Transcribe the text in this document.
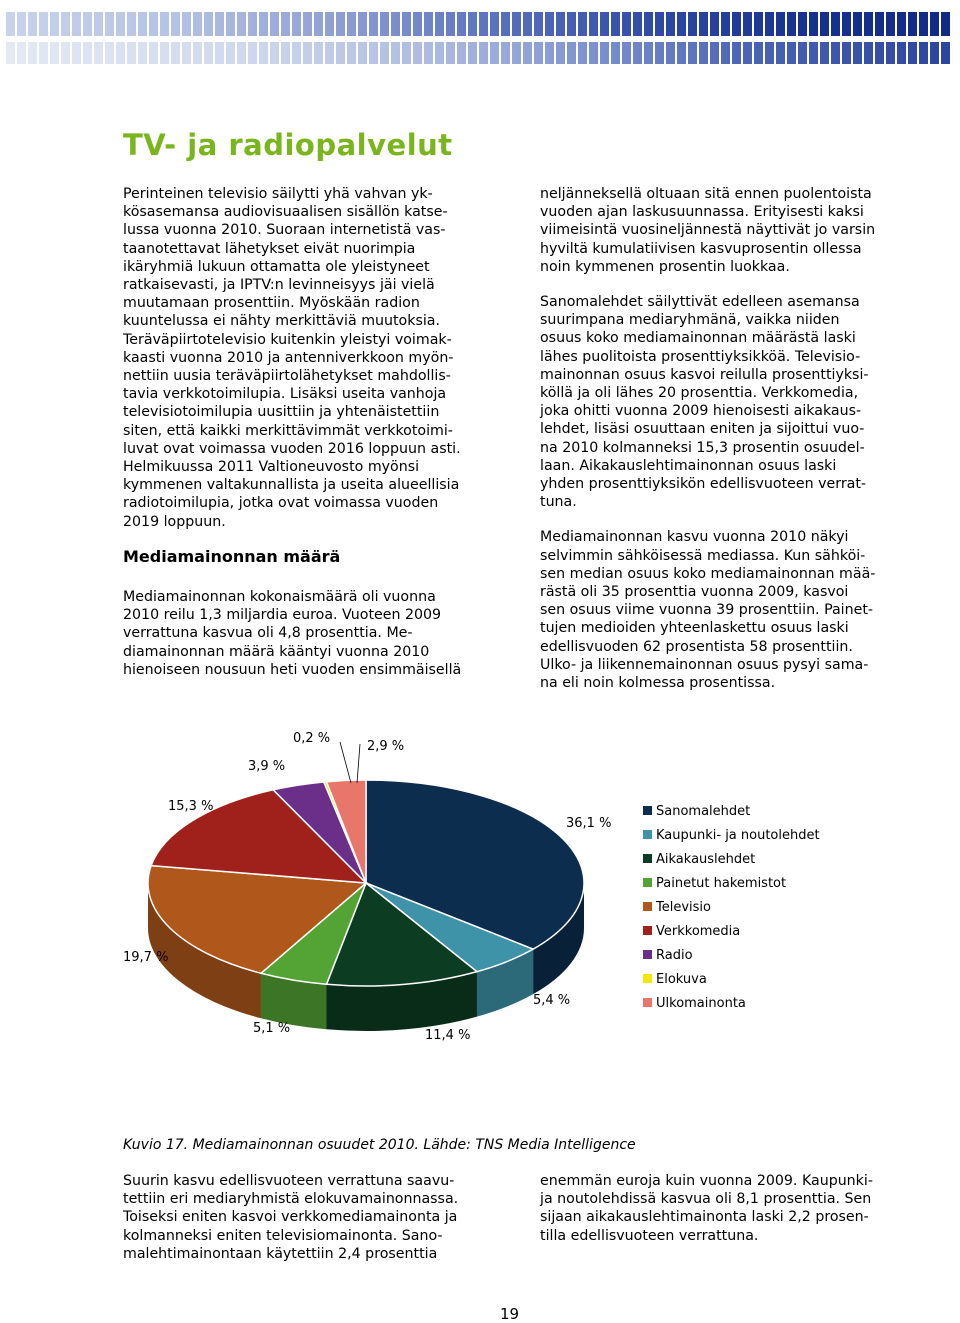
TV- ja radiopalvelut

Perinteinen televisio säilytti yhä vahvan yk-
kösasemansa audiovisuaalisen sisällön katse-
lussa vuonna 2010. Suoraan internetistä vas-
taanotettavat lähetykset eivät nuorimpia
ikäryhmiä lukuun ottamatta ole yleistyneet
ratkaisevasti, ja IPTV:n levinneisyys jäi vielä
muutamaan prosenttiin. Myöskään radion
kuuntelussa ei nähty merkittäviä muutoksia.
Teräväpiirtotelevisio kuitenkin yleistyi voimak-
kaasti vuonna 2010 ja antenniverkkoon myön-
nettiin uusia teräväpiirtolähetykset mahdollis-
tavia verkkotoimilupia. Lisäksi useita vanhoja
televisiotoimilupia uusittiin ja yhtenäistettiin
siten, että kaikki merkittävimmät verkkotoimi-
luvat ovat voimassa vuoden 2016 loppuun asti.
Helmikuussa 2011 Valtioneuvosto myönsi
kymmenen valtakunnallista ja useita alueellisia
radiotoimilupia, jotka ovat voimassa vuoden
2019 loppuun.

Mediamainonnan määrä

Mediamainonnan kokonaismäärä oli vuonna
2010 reilu 1,3 miljardia euroa. Vuoteen 2009
verrattuna kasvua oli 4,8 prosenttia. Me-
diamainonnan määrä kääntyi vuonna 2010
hienoiseen nousuun heti vuoden ensimmäisellä

neljänneksellä oltuaan sitä ennen puolentoista
vuoden ajan laskusuunnassa. Erityisesti kaksi
viimeisintä vuosineljännestä näyttivät jo varsin
hyviltä kumulatiivisen kasvuprosentin ollessa
noin kymmenen prosentin luokkaa.

Sanomalehdet säilyttivät edelleen asemansa
suurimpana mediaryhmänä, vaikka niiden
osuus koko mediamainonnan määrästä laski
lähes puolitoista prosenttiyksikköä. Televisio-
mainonnan osuus kasvoi reilulla prosenttiyksi-
köllä ja oli lähes 20 prosenttia. Verkkomedia,
joka ohitti vuonna 2009 hienoisesti aikakaus-
lehdet, lisäsi osuuttaan eniten ja sijoittui vuo-
na 2010 kolmanneksi 15,3 prosentin osuudel-
laan. Aikakauslehtimainonnan osuus laski
yhden prosenttiyksikön edellisvuoteen verrat-
tuna.

Mediamainonnan kasvu vuonna 2010 näkyi
selvimmin sähköisessä mediassa. Kun sähköi-
sen median osuus koko mediamainonnan mää-
rästä oli 35 prosenttia vuonna 2009, kasvoi
sen osuus viime vuonna 39 prosenttiin. Painet-
tujen medioiden yhteenlaskettu osuus laski
edellisvuoden 62 prosentista 58 prosenttiin.
Ulko- ja liikennemainonnan osuus pysyi sama-
na eli noin kolmessa prosentissa.

36,1 %
5,4 %
11,4 %
5,1 %
19,7 %
15,3 %
3,9 %
0,2 %
2,9 %
Sanomalehdet
Kaupunki- ja noutolehdet
Aikakauslehdet
Painetut hakemistot
Televisio
Verkkomedia
Radio
Elokuva
Ulkomainonta
Kuvio 17. Mediamainonnan osuudet 2010. Lähde: TNS Media Intelligence

Suurin kasvu edellisvuoteen verrattuna saavu-
tettiin eri mediaryhmistä elokuvamainonnassa.
Toiseksi eniten kasvoi verkkomediamainonta ja
kolmanneksi eniten televisiomainonta. Sano-
malehtimainontaan käytettiin 2,4 prosenttia

enemmän euroja kuin vuonna 2009. Kaupunki-
ja noutolehdissä kasvua oli 8,1 prosenttia. Sen
sijaan aikakauslehtimainonta laski 2,2 prosen-
tilla edellisvuoteen verrattuna.

19
